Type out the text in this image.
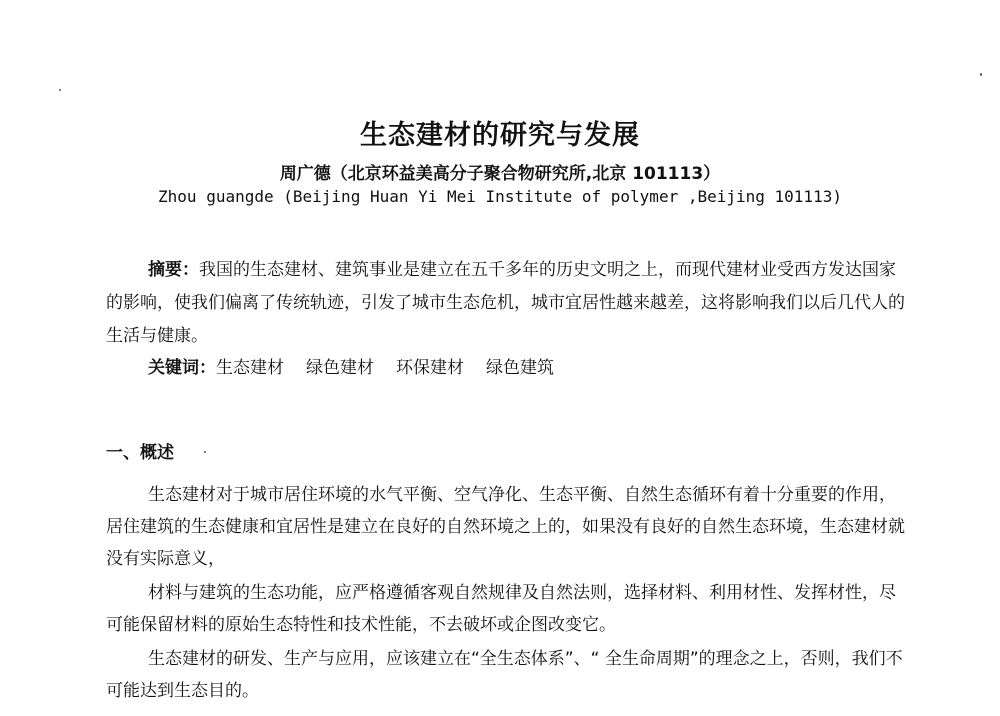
生态建材的研究与发展
周广德（北京环益美高分子聚合物研究所,北京 101113）
Zhou guangde (Beijing Huan Yi Mei Institute of polymer ,Beijing 101113)

摘要：我国的生态建材、建筑事业是建立在五千多年的历史文明之上，而现代建材业受西方发达国家的影响，使我们偏离了传统轨迹，引发了城市生态危机，城市宜居性越来越差，这将影响我们以后几代人的生活与健康。

关键词：生态建材 绿色建材 环保建材 绿色建筑

一、概述

生态建材对于城市居住环境的水气平衡、空气净化、生态平衡、自然生态循环有着十分重要的作用，居住建筑的生态健康和宜居性是建立在良好的自然环境之上的，如果没有良好的自然生态环境，生态建材就没有实际意义，

材料与建筑的生态功能，应严格遵循客观自然规律及自然法则，选择材料、利用材性、发挥材性，尽可能保留材料的原始生态特性和技术性能，不去破坏或企图改变它。

生态建材的研发、生产与应用，应该建立在“全生态体系”、“ 全生命周期”的理念之上，否则，我们不可能达到生态目的。
